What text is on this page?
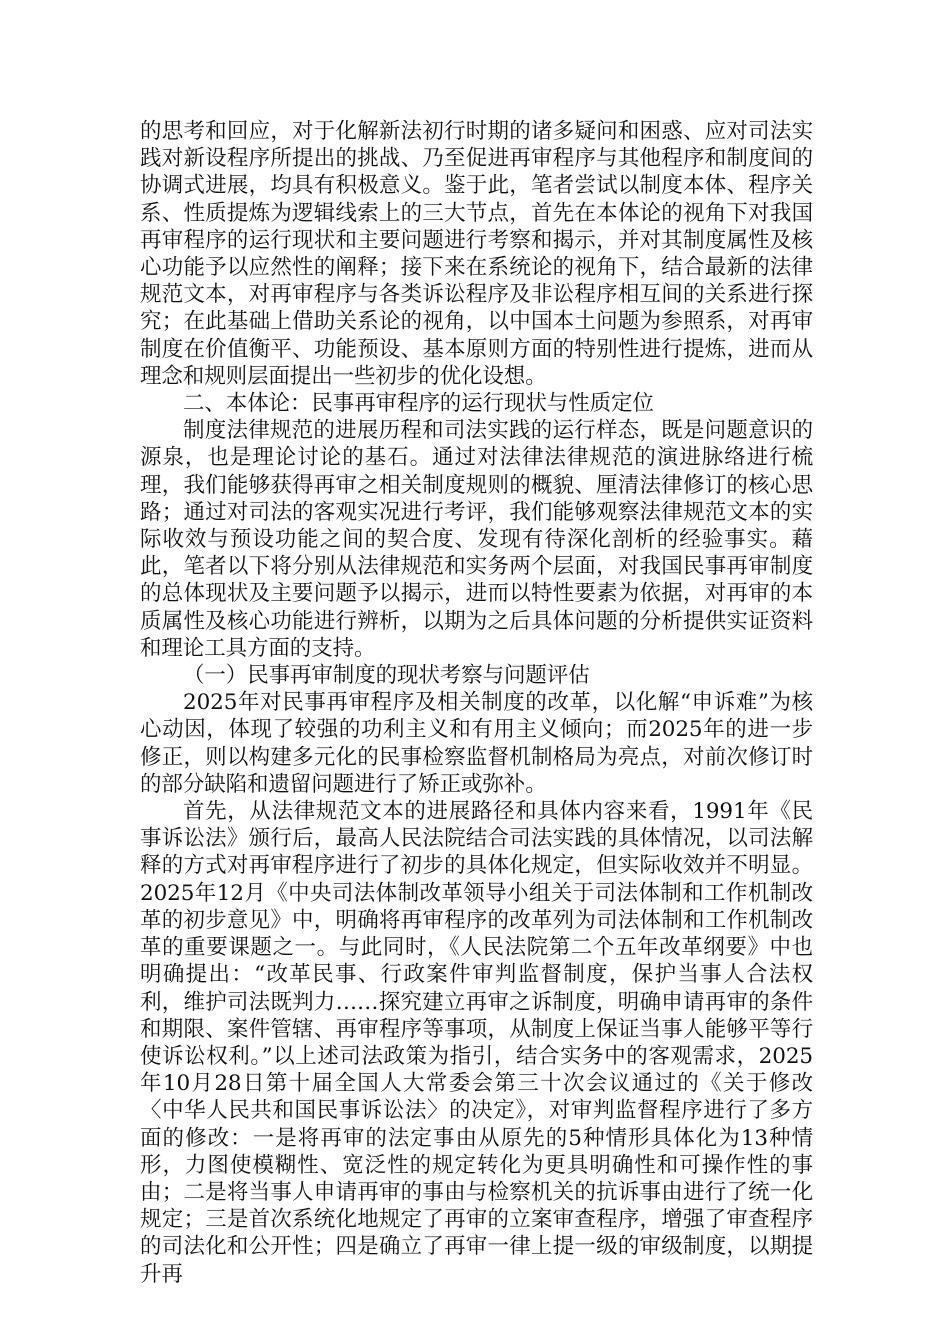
的思考和回应，对于化解新法初行时期的诸多疑问和困惑、应对司法实践对新设程序所提出的挑战、乃至促进再审程序与其他程序和制度间的协调式进展，均具有积极意义。鉴于此，笔者尝试以制度本体、程序关系、性质提炼为逻辑线索上的三大节点，首先在本体论的视角下对我国再审程序的运行现状和主要问题进行考察和揭示，并对其制度属性及核心功能予以应然性的阐释；接下来在系统论的视角下，结合最新的法律规范文本，对再审程序与各类诉讼程序及非讼程序相互间的关系进行探究；在此基础上借助关系论的视角，以中国本土问题为参照系，对再审制度在价值衡平、功能预设、基本原则方面的特别性进行提炼，进而从理念和规则层面提出一些初步的优化设想。

二、本体论：民事再审程序的运行现状与性质定位

制度法律规范的进展历程和司法实践的运行样态，既是问题意识的源泉，也是理论讨论的基石。通过对法律法律规范的演进脉络进行梳理，我们能够获得再审之相关制度规则的概貌、厘清法律修订的核心思路；通过对司法的客观实况进行考评，我们能够观察法律规范文本的实际收效与预设功能之间的契合度、发现有待深化剖析的经验事实。藉此，笔者以下将分别从法律规范和实务两个层面，对我国民事再审制度的总体现状及主要问题予以揭示，进而以特性要素为依据，对再审的本质属性及核心功能进行辨析，以期为之后具体问题的分析提供实证资料和理论工具方面的支持。

（一）民事再审制度的现状考察与问题评估

2025年对民事再审程序及相关制度的改革，以化解“申诉难”为核心动因，体现了较强的功利主义和有用主义倾向；而2025年的进一步修正，则以构建多元化的民事检察监督机制格局为亮点，对前次修订时的部分缺陷和遗留问题进行了矫正或弥补。

首先，从法律规范文本的进展路径和具体内容来看，1991年《民事诉讼法》颁行后，最高人民法院结合司法实践的具体情况，以司法解释的方式对再审程序进行了初步的具体化规定，但实际收效并不明显。2025年12月《中央司法体制改革领导小组关于司法体制和工作机制改革的初步意见》中，明确将再审程序的改革列为司法体制和工作机制改革的重要课题之一。与此同时，《人民法院第二个五年改革纲要》中也明确提出：“改革民事、行政案件审判监督制度，保护当事人合法权利，维护司法既判力……探究建立再审之诉制度，明确申请再审的条件和期限、案件管辖、再审程序等事项，从制度上保证当事人能够平等行使诉讼权利。”以上述司法政策为指引，结合实务中的客观需求，2025年10月28日第十届全国人大常委会第三十次会议通过的《关于修改〈中华人民共和国民事诉讼法〉的决定》，对审判监督程序进行了多方面的修改：一是将再审的法定事由从原先的5种情形具体化为13种情形，力图使模糊性、宽泛性的规定转化为更具明确性和可操作性的事由；二是将当事人申请再审的事由与检察机关的抗诉事由进行了统一化规定；三是首次系统化地规定了再审的立案审查程序，增强了审查程序的司法化和公开性；四是确立了再审一律上提一级的审级制度，以期提升再
